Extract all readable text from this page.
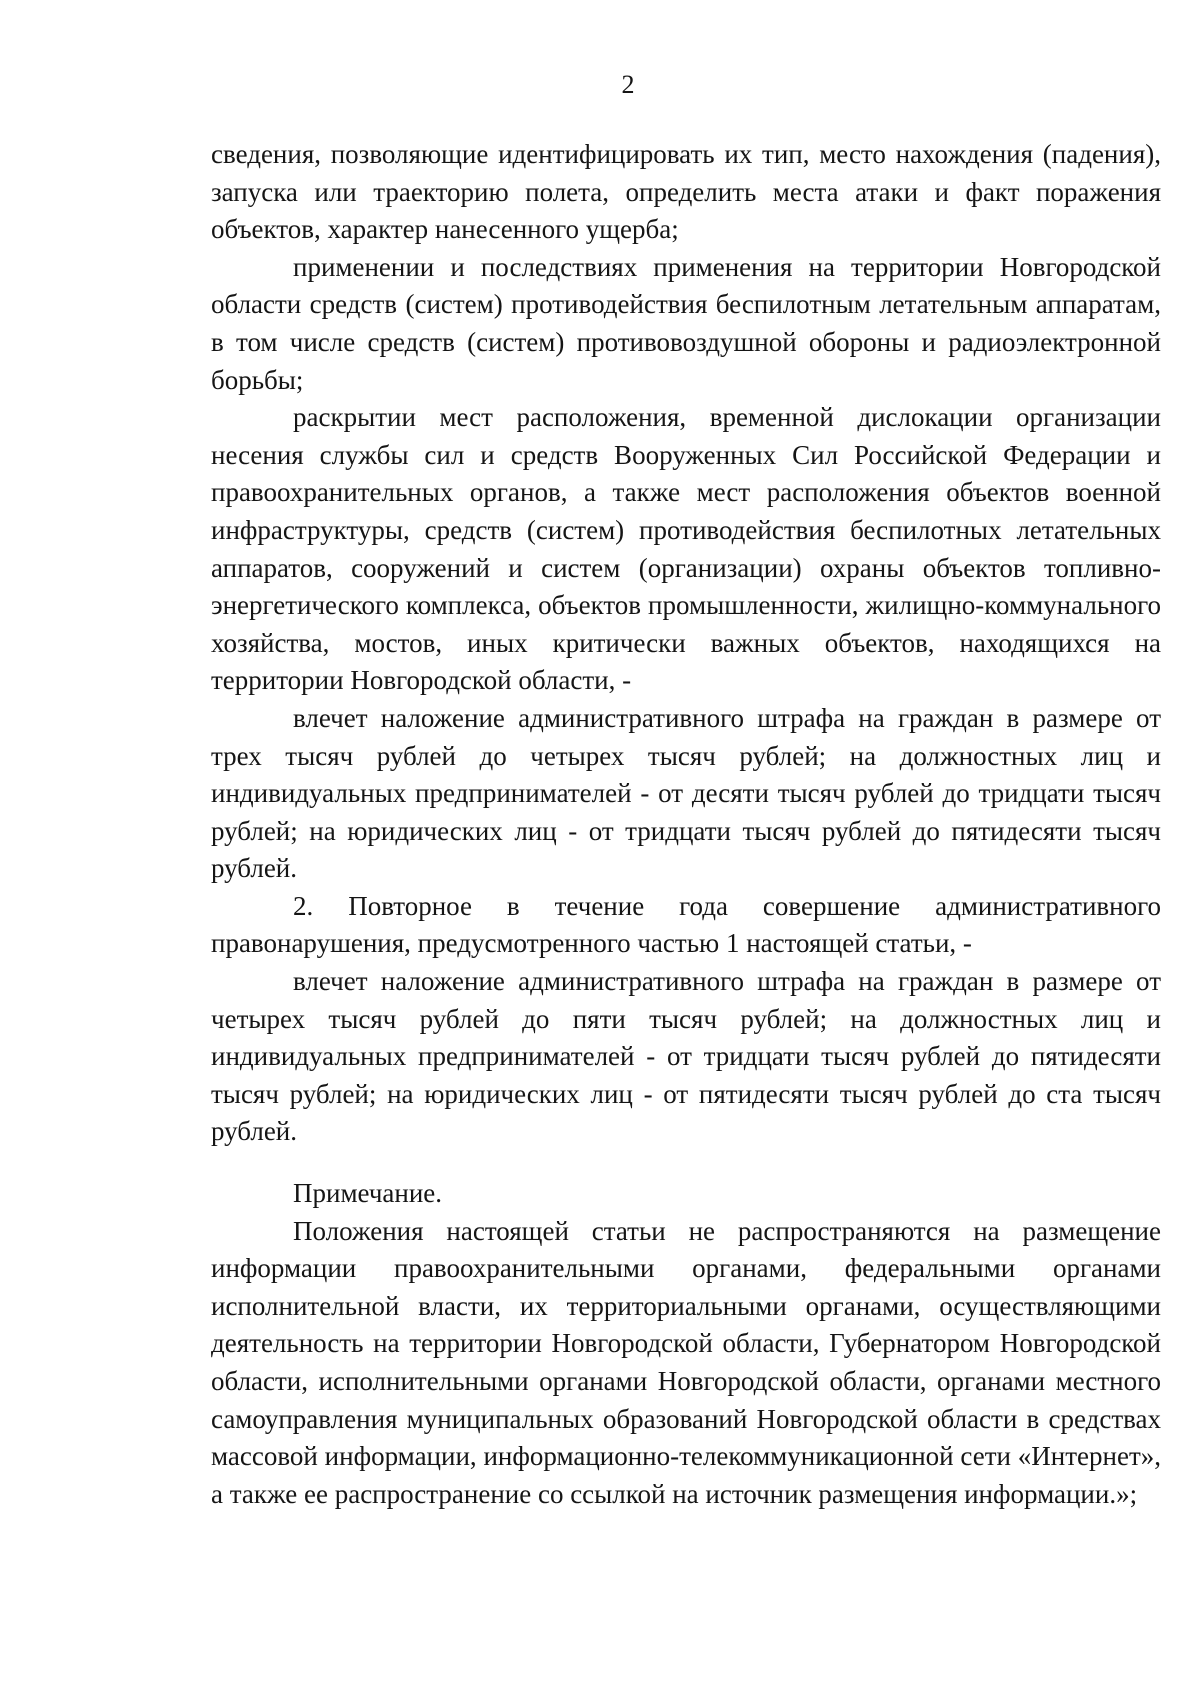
2

сведения, позволяющие идентифицировать их тип, место нахождения (падения), запуска или траекторию полета, определить места атаки и факт поражения объектов, характер нанесенного ущерба;

применении и последствиях применения на территории Новгородской области средств (систем) противодействия беспилотным летательным аппаратам, в том числе средств (систем) противовоздушной обороны и радиоэлектронной борьбы;

раскрытии мест расположения, временной дислокации организации несения службы сил и средств Вооруженных Сил Российской Федерации и правоохранительных органов, а также мест расположения объектов военной инфраструктуры, средств (систем) противодействия беспилотных летательных аппаратов, сооружений и систем (организации) охраны объектов топливно-энергетического комплекса, объектов промышленности, жилищно-коммунального хозяйства, мостов, иных критически важных объектов, находящихся на территории Новгородской области, -

влечет наложение административного штрафа на граждан в размере от трех тысяч рублей до четырех тысяч рублей; на должностных лиц и индивидуальных предпринимателей - от десяти тысяч рублей до тридцати тысяч рублей; на юридических лиц - от тридцати тысяч рублей до пятидесяти тысяч рублей.

2. Повторное в течение года совершение административного правонарушения, предусмотренного частью 1 настоящей статьи, -

влечет наложение административного штрафа на граждан в размере от четырех тысяч рублей до пяти тысяч рублей; на должностных лиц и индивидуальных предпринимателей - от тридцати тысяч рублей до пятидесяти тысяч рублей; на юридических лиц - от пятидесяти тысяч рублей до ста тысяч рублей.

Примечание.

Положения настоящей статьи не распространяются на размещение информации правоохранительными органами, федеральными органами исполнительной власти, их территориальными органами, осуществляющими деятельность на территории Новгородской области, Губернатором Новгородской области, исполнительными органами Новгородской области, органами местного самоуправления муниципальных образований Новгородской области в средствах массовой информации, информационно-телекоммуникационной сети «Интернет», а также ее распространение со ссылкой на источник размещения информации.»;
